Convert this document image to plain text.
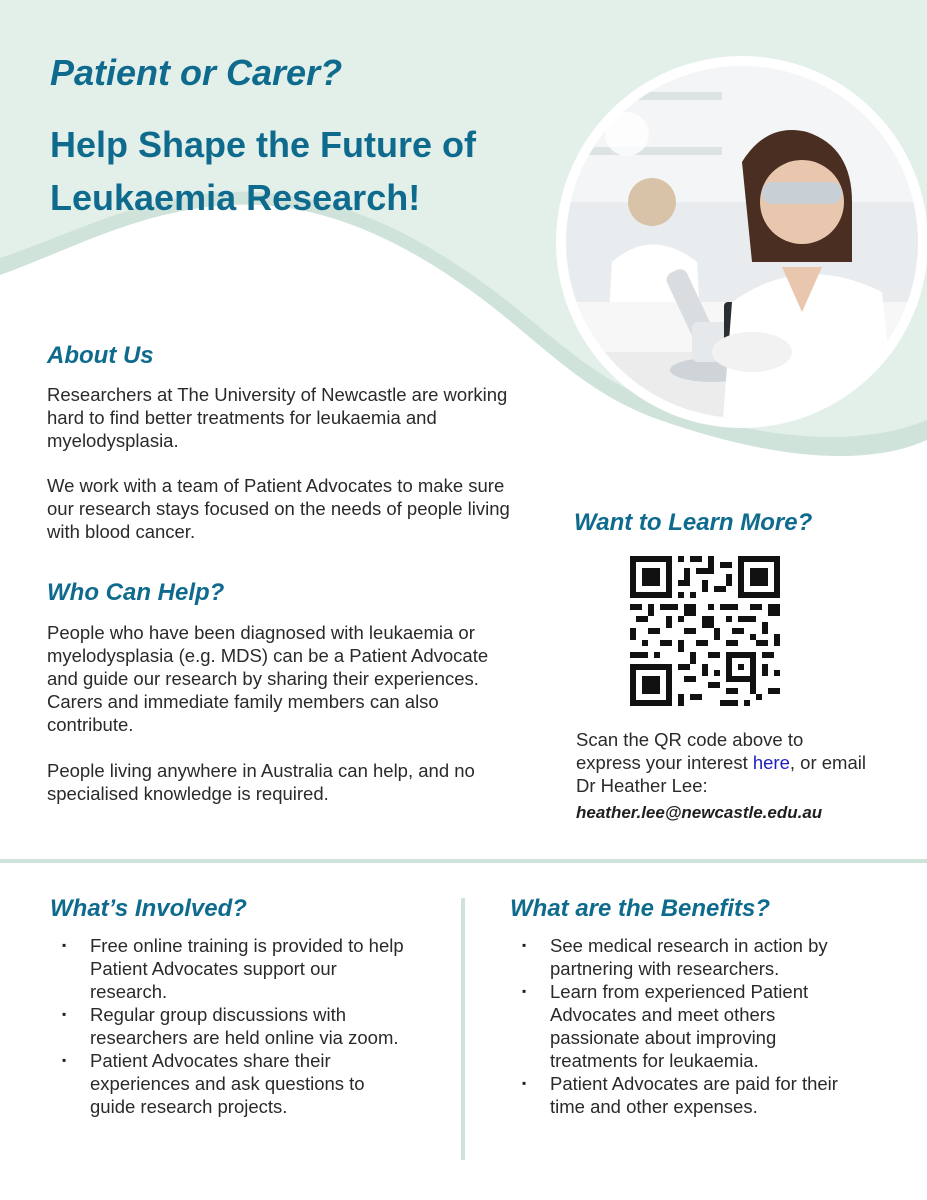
Patient or Carer?
Help Shape the Future of Leukaemia Research!
About Us

Researchers at The University of Newcastle are working hard to find better treatments for leukaemia and myelodysplasia.

We work with a team of Patient Advocates to make sure our research stays focused on the needs of people living with blood cancer.

Who Can Help?

People who have been diagnosed with leukaemia or myelodysplasia (e.g. MDS) can be a Patient Advocate and guide our research by sharing their experiences. Carers and immediate family members can also contribute.

People living anywhere in Australia can help, and no specialised knowledge is required.

Want to Learn More?

Scan the QR code above to express your interest here, or email Dr Heather Lee:

heather.lee@newcastle.edu.au
What’s Involved?
▪ Free online training is provided to help Patient Advocates support our research.
▪ Regular group discussions with researchers are held online via zoom.
▪ Patient Advocates share their experiences and ask questions to guide research projects.
What are the Benefits?
▪ See medical research in action by partnering with researchers.
▪ Learn from experienced Patient Advocates and meet others passionate about improving treatments for leukaemia.
▪ Patient Advocates are paid for their time and other expenses.
